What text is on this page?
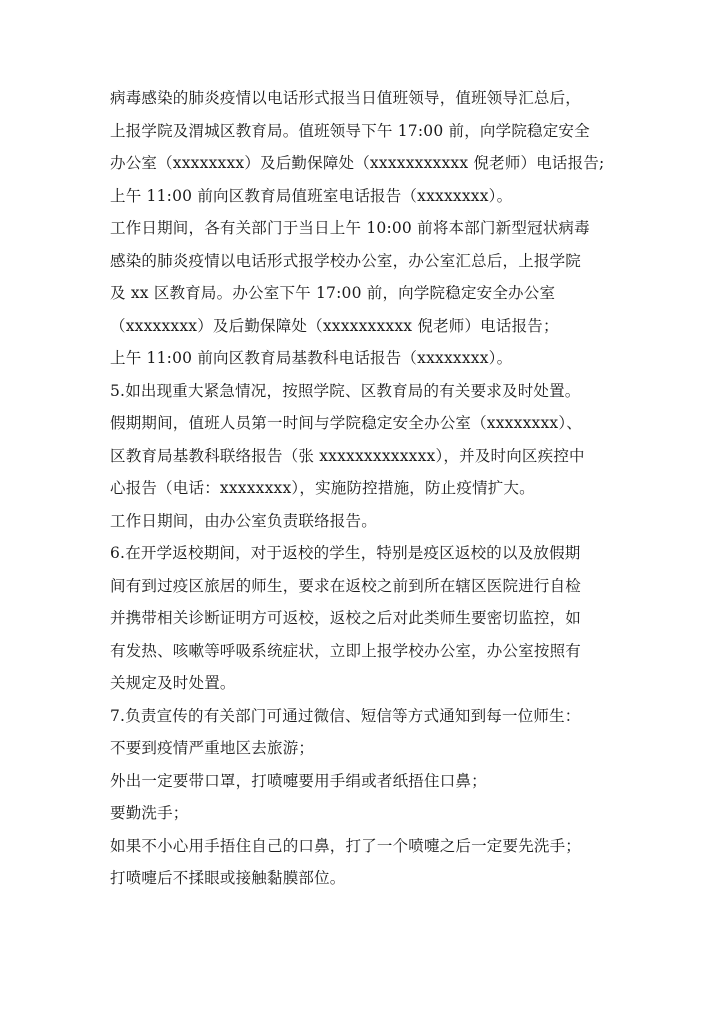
病毒感染的肺炎疫情以电话形式报当日值班领导，值班领导汇总后，
上报学院及渭城区教育局。值班领导下午 17:00 前，向学院稳定安全
办公室（xxxxxxxx）及后勤保障处（xxxxxxxxxxx 倪老师）电话报告;
上午 11:00 前向区教育局值班室电话报告（xxxxxxxx）。
工作日期间，各有关部门于当日上午 10:00 前将本部门新型冠状病毒
感染的肺炎疫情以电话形式报学校办公室，办公室汇总后，上报学院
及 xx 区教育局。办公室下午 17:00 前，向学院稳定安全办公室
（xxxxxxxx）及后勤保障处（xxxxxxxxxx 倪老师）电话报告；
上午 11:00 前向区教育局基教科电话报告（xxxxxxxx）。
5.如出现重大紧急情况，按照学院、区教育局的有关要求及时处置。
假期期间，值班人员第一时间与学院稳定安全办公室（xxxxxxxx）、
区教育局基教科联络报告（张 xxxxxxxxxxxxx），并及时向区疾控中
心报告（电话：xxxxxxxx），实施防控措施，防止疫情扩大。
工作日期间，由办公室负责联络报告。
6.在开学返校期间，对于返校的学生，特别是疫区返校的以及放假期
间有到过疫区旅居的师生，要求在返校之前到所在辖区医院进行自检
并携带相关诊断证明方可返校，返校之后对此类师生要密切监控，如
有发热、咳嗽等呼吸系统症状，立即上报学校办公室，办公室按照有
关规定及时处置。
7.负责宣传的有关部门可通过微信、短信等方式通知到每一位师生：
不要到疫情严重地区去旅游；
外出一定要带口罩，打喷嚏要用手绢或者纸捂住口鼻；
要勤洗手；
如果不小心用手捂住自己的口鼻，打了一个喷嚏之后一定要先洗手；
打喷嚏后不揉眼或接触黏膜部位。
